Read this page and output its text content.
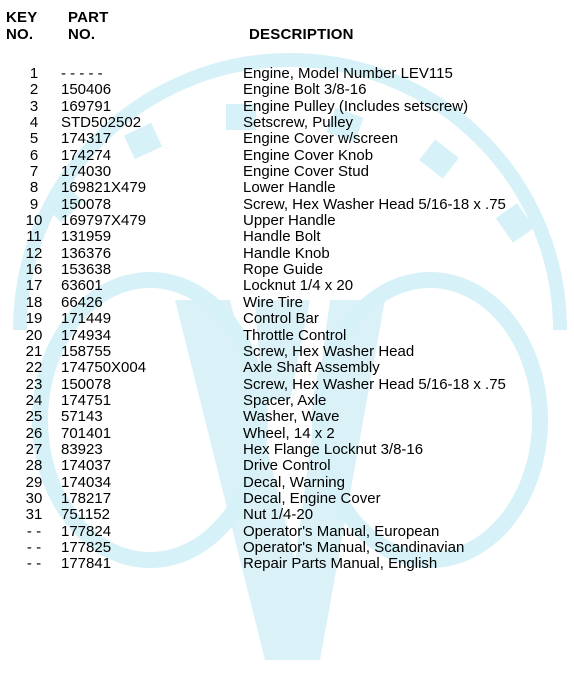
KEY
NO.
PART
NO.	DESCRIPTION
1	- - - - -	Engine, Model Number LEV115
2	150406	Engine Bolt 3/8-16
3	169791	Engine Pulley (Includes setscrew)
4	STD502502	Setscrew, Pulley
5	174317	Engine Cover w/screen
6	174274	Engine Cover Knob
7	174030	Engine Cover Stud
8	169821X479	Lower Handle
9	150078	Screw, Hex Washer Head 5/16-18 x .75
10	169797X479	Upper Handle
11	131959	Handle Bolt
12	136376	Handle Knob
16	153638	Rope Guide
17	63601	Locknut 1/4 x 20
18	66426	Wire Tire
19	171449	Control Bar
20	174934	Throttle Control
21	158755	Screw, Hex Washer Head
22	174750X004	Axle Shaft Assembly
23	150078	Screw, Hex Washer Head 5/16-18 x .75
24	174751	Spacer, Axle
25	57143	Washer, Wave
26	701401	Wheel, 14 x 2
27	83923	Hex Flange Locknut 3/8-16
28	174037	Drive Control
29	174034	Decal, Warning
30	178217	Decal, Engine Cover
31	751152	Nut 1/4-20
- -	177824	Operator's Manual, European
- -	177825	Operator's Manual, Scandinavian
- -	177841	Repair Parts Manual, English
